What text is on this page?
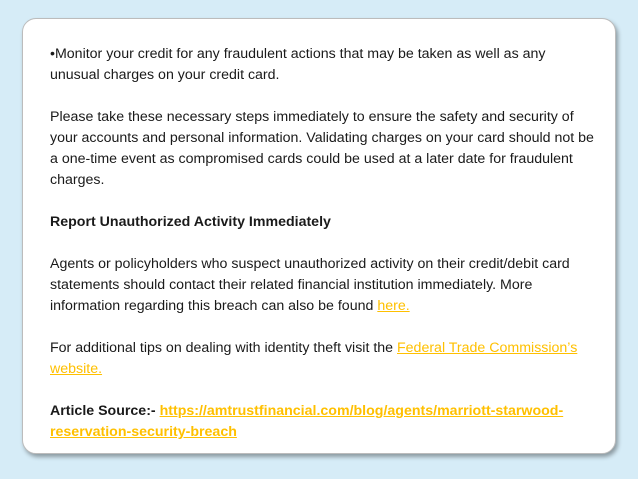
•Monitor your credit for any fraudulent actions that may be taken as well as any unusual charges on your credit card.

Please take these necessary steps immediately to ensure the safety and security of your accounts and personal information. Validating charges on your card should not be a one-time event as compromised cards could be used at a later date for fraudulent charges.

Report Unauthorized Activity Immediately

Agents or policyholders who suspect unauthorized activity on their credit/debit card statements should contact their related financial institution immediately. More information regarding this breach can also be found here.

For additional tips on dealing with identity theft visit the Federal Trade Commission’s website.

Article Source:- https://amtrustfinancial.com/blog/agents/marriott-starwood-reservation-security-breach
